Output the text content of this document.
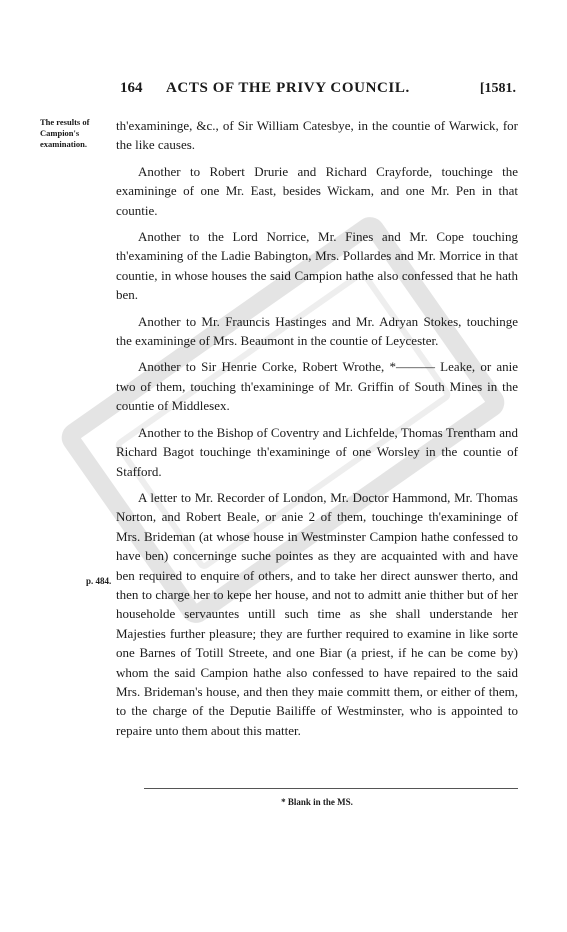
164 ACTS OF THE PRIVY COUNCIL.	[1581.
The results of Campion's examination.
p. 484.

th'examininge, &c., of Sir William Catesbye, in the countie of Warwick, for the like causes.

Another to Robert Drurie and Richard Crayforde, touchinge the examininge of one Mr. East, besides Wickam, and one Mr. Pen in that countie.

Another to the Lord Norrice, Mr. Fines and Mr. Cope touching th'examining of the Ladie Babington, Mrs. Pollardes and Mr. Morrice in that countie, in whose houses the said Campion hathe also confessed that he hath ben.

Another to Mr. Frauncis Hastinges and Mr. Adryan Stokes, touchinge the examininge of Mrs. Beaumont in the countie of Leycester.

Another to Sir Henrie Corke, Robert Wrothe, *——— Leake, or anie two of them, touching th'examininge of Mr. Griffin of South Mines in the countie of Middlesex.

Another to the Bishop of Coventry and Lichfelde, Thomas Trentham and Richard Bagot touchinge th'examininge of one Worsley in the countie of Stafford.

A letter to Mr. Recorder of London, Mr. Doctor Hammond, Mr. Thomas Norton, and Robert Beale, or anie 2 of them, touchinge th'examininge of Mrs. Brideman (at whose house in Westminster Campion hathe confessed to have ben) concerninge suche pointes as they are acquainted with and have ben required to enquire of others, and to take her direct aunswer therto, and then to charge her to kepe her house, and not to admitt anie thither but of her householde servauntes untill such time as she shall understande her Majesties further pleasure; they are further required to examine in like sorte one Barnes of Totill Streete, and one Biar (a priest, if he can be come by) whom the said Campion hathe also confessed to have repaired to the said Mrs. Brideman's house, and then they maie committ them, or either of them, to the charge of the Deputie Bailiffe of Westminster, who is appointed to repaire unto them about this matter.

* Blank in the MS.
